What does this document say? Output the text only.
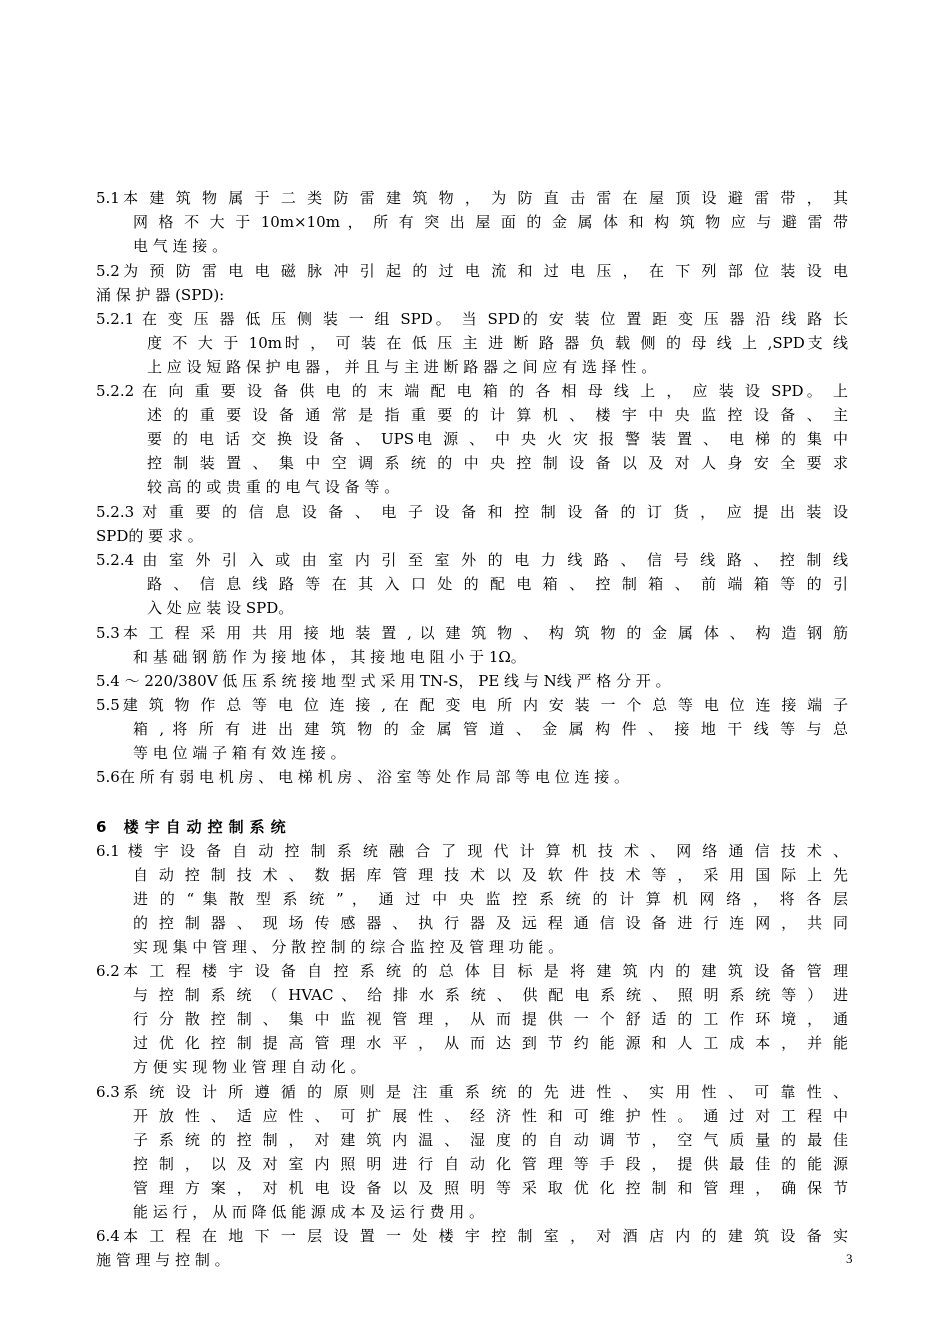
5.1本 建 筑 物 属 于 二 类 防 雷 建 筑 物 ， 为 防 直 击 雷 在 屋 顶 设 避 雷 带 ， 其
网 格 不 大 于 10m×10m ， 所 有 突 出 屋 面 的 金 属 体 和 构 筑 物 应 与 避 雷 带
电 气 连 接 。
5.2为 预 防 雷 电 电 磁 脉 冲 引 起 的 过 电 流 和 过 电 压 ， 在 下 列 部 位 装 设 电
涌 保 护 器 (SPD):
5.2.1 在 变 压 器 低 压 侧 装 一 组 SPD。 当 SPD的 安 装 位 置 距 变 压 器 沿 线 路 长
度 不 大 于 10m时 ， 可 装 在 低 压 主 进 断 路 器 负 载 侧 的 母 线 上 ,SPD支 线
上 应 设 短 路 保 护 电 器 ， 并 且 与 主 进 断 路 器 之 间 应 有 选 择 性 。
5.2.2 在 向 重 要 设 备 供 电 的 末 端 配 电 箱 的 各 相 母 线 上 ， 应 装 设 SPD。 上
述 的 重 要 设 备 通 常 是 指 重 要 的 计 算 机 、 楼 宇 中 央 监 控 设 备 、 主
要 的 电 话 交 换 设 备 、 UPS电 源 、 中 央 火 灾 报 警 装 置 、 电 梯 的 集 中
控 制 装 置 、 集 中 空 调 系 统 的 中 央 控 制 设 备 以 及 对 人 身 安 全 要 求
较 高 的 或 贵 重 的 电 气 设 备 等 。
5.2.3 对 重 要 的 信 息 设 备 、 电 子 设 备 和 控 制 设 备 的 订 货 ， 应 提 出 装 设
SPD的 要 求 。
5.2.4 由 室 外 引 入 或 由 室 内 引 至 室 外 的 电 力 线 路 、 信 号 线 路 、 控 制 线
路 、 信 息 线 路 等 在 其 入 口 处 的 配 电 箱 、 控 制 箱 、 前 端 箱 等 的 引
入 处 应 装 设 SPD。
5.3本 工 程 采 用 共 用 接 地 装 置 , 以 建 筑 物 、 构 筑 物 的 金 属 体 、 构 造 钢 筋
和 基 础 钢 筋 作 为 接 地 体 ， 其 接 地 电 阻 小 于 1Ω。
5.4 ～ 220/380V 低 压 系 统 接 地 型 式 采 用 TN-S， PE 线 与 N线 严 格 分 开 。
5.5建 筑 物 作 总 等 电 位 连 接 , 在 配 变 电 所 内 安 装 一 个 总 等 电 位 连 接 端 子
箱 , 将 所 有 进 出 建 筑 物 的 金 属 管 道 、 金 属 构 件 、 接 地 干 线 等 与 总
等 电 位 端 子 箱 有 效 连 接 。
5.6在 所 有 弱 电 机 房 、 电 梯 机 房 、 浴 室 等 处 作 局 部 等 电 位 连 接 。
6 楼宇自动控制系统
6.1 楼 宇 设 备 自 动 控 制 系 统 融 合 了 现 代 计 算 机 技 术 、 网 络 通 信 技 术 、
自 动 控 制 技 术 、 数 据 库 管 理 技 术 以 及 软 件 技 术 等 ， 采 用 国 际 上 先
进 的 “ 集 散 型 系 统 ” ， 通 过 中 央 监 控 系 统 的 计 算 机 网 络 ， 将 各 层
的 控 制 器 、 现 场 传 感 器 、 执 行 器 及 远 程 通 信 设 备 进 行 连 网 ， 共 同
实 现 集 中 管 理 、 分 散 控 制 的 综 合 监 控 及 管 理 功 能 。
6.2本 工 程 楼 宇 设 备 自 控 系 统 的 总 体 目 标 是 将 建 筑 内 的 建 筑 设 备 管 理
与 控 制 系 统 （ HVAC 、 给 排 水 系 统 、 供 配 电 系 统 、 照 明 系 统 等 ） 进
行 分 散 控 制 、 集 中 监 视 管 理 ， 从 而 提 供 一 个 舒 适 的 工 作 环 境 ， 通
过 优 化 控 制 提 高 管 理 水 平 ， 从 而 达 到 节 约 能 源 和 人 工 成 本 ， 并 能
方 便 实 现 物 业 管 理 自 动 化 。
6.3系 统 设 计 所 遵 循 的 原 则 是 注 重 系 统 的 先 进 性 、 实 用 性 、 可 靠 性 、
开 放 性 、 适 应 性 、 可 扩 展 性 、 经 济 性 和 可 维 护 性 。 通 过 对 工 程 中
子 系 统 的 控 制 ， 对 建 筑 内 温 、 湿 度 的 自 动 调 节 ， 空 气 质 量 的 最 佳
控 制 ， 以 及 对 室 内 照 明 进 行 自 动 化 管 理 等 手 段 ， 提 供 最 佳 的 能 源
管 理 方 案 ， 对 机 电 设 备 以 及 照 明 等 采 取 优 化 控 制 和 管 理 ， 确 保 节
能 运 行 ， 从 而 降 低 能 源 成 本 及 运 行 费 用 。
6.4本 工 程 在 地 下 一 层 设 置 一 处 楼 宇 控 制 室 ， 对 酒 店 内 的 建 筑 设 备 实
施 管 理 与 控 制 。	3
